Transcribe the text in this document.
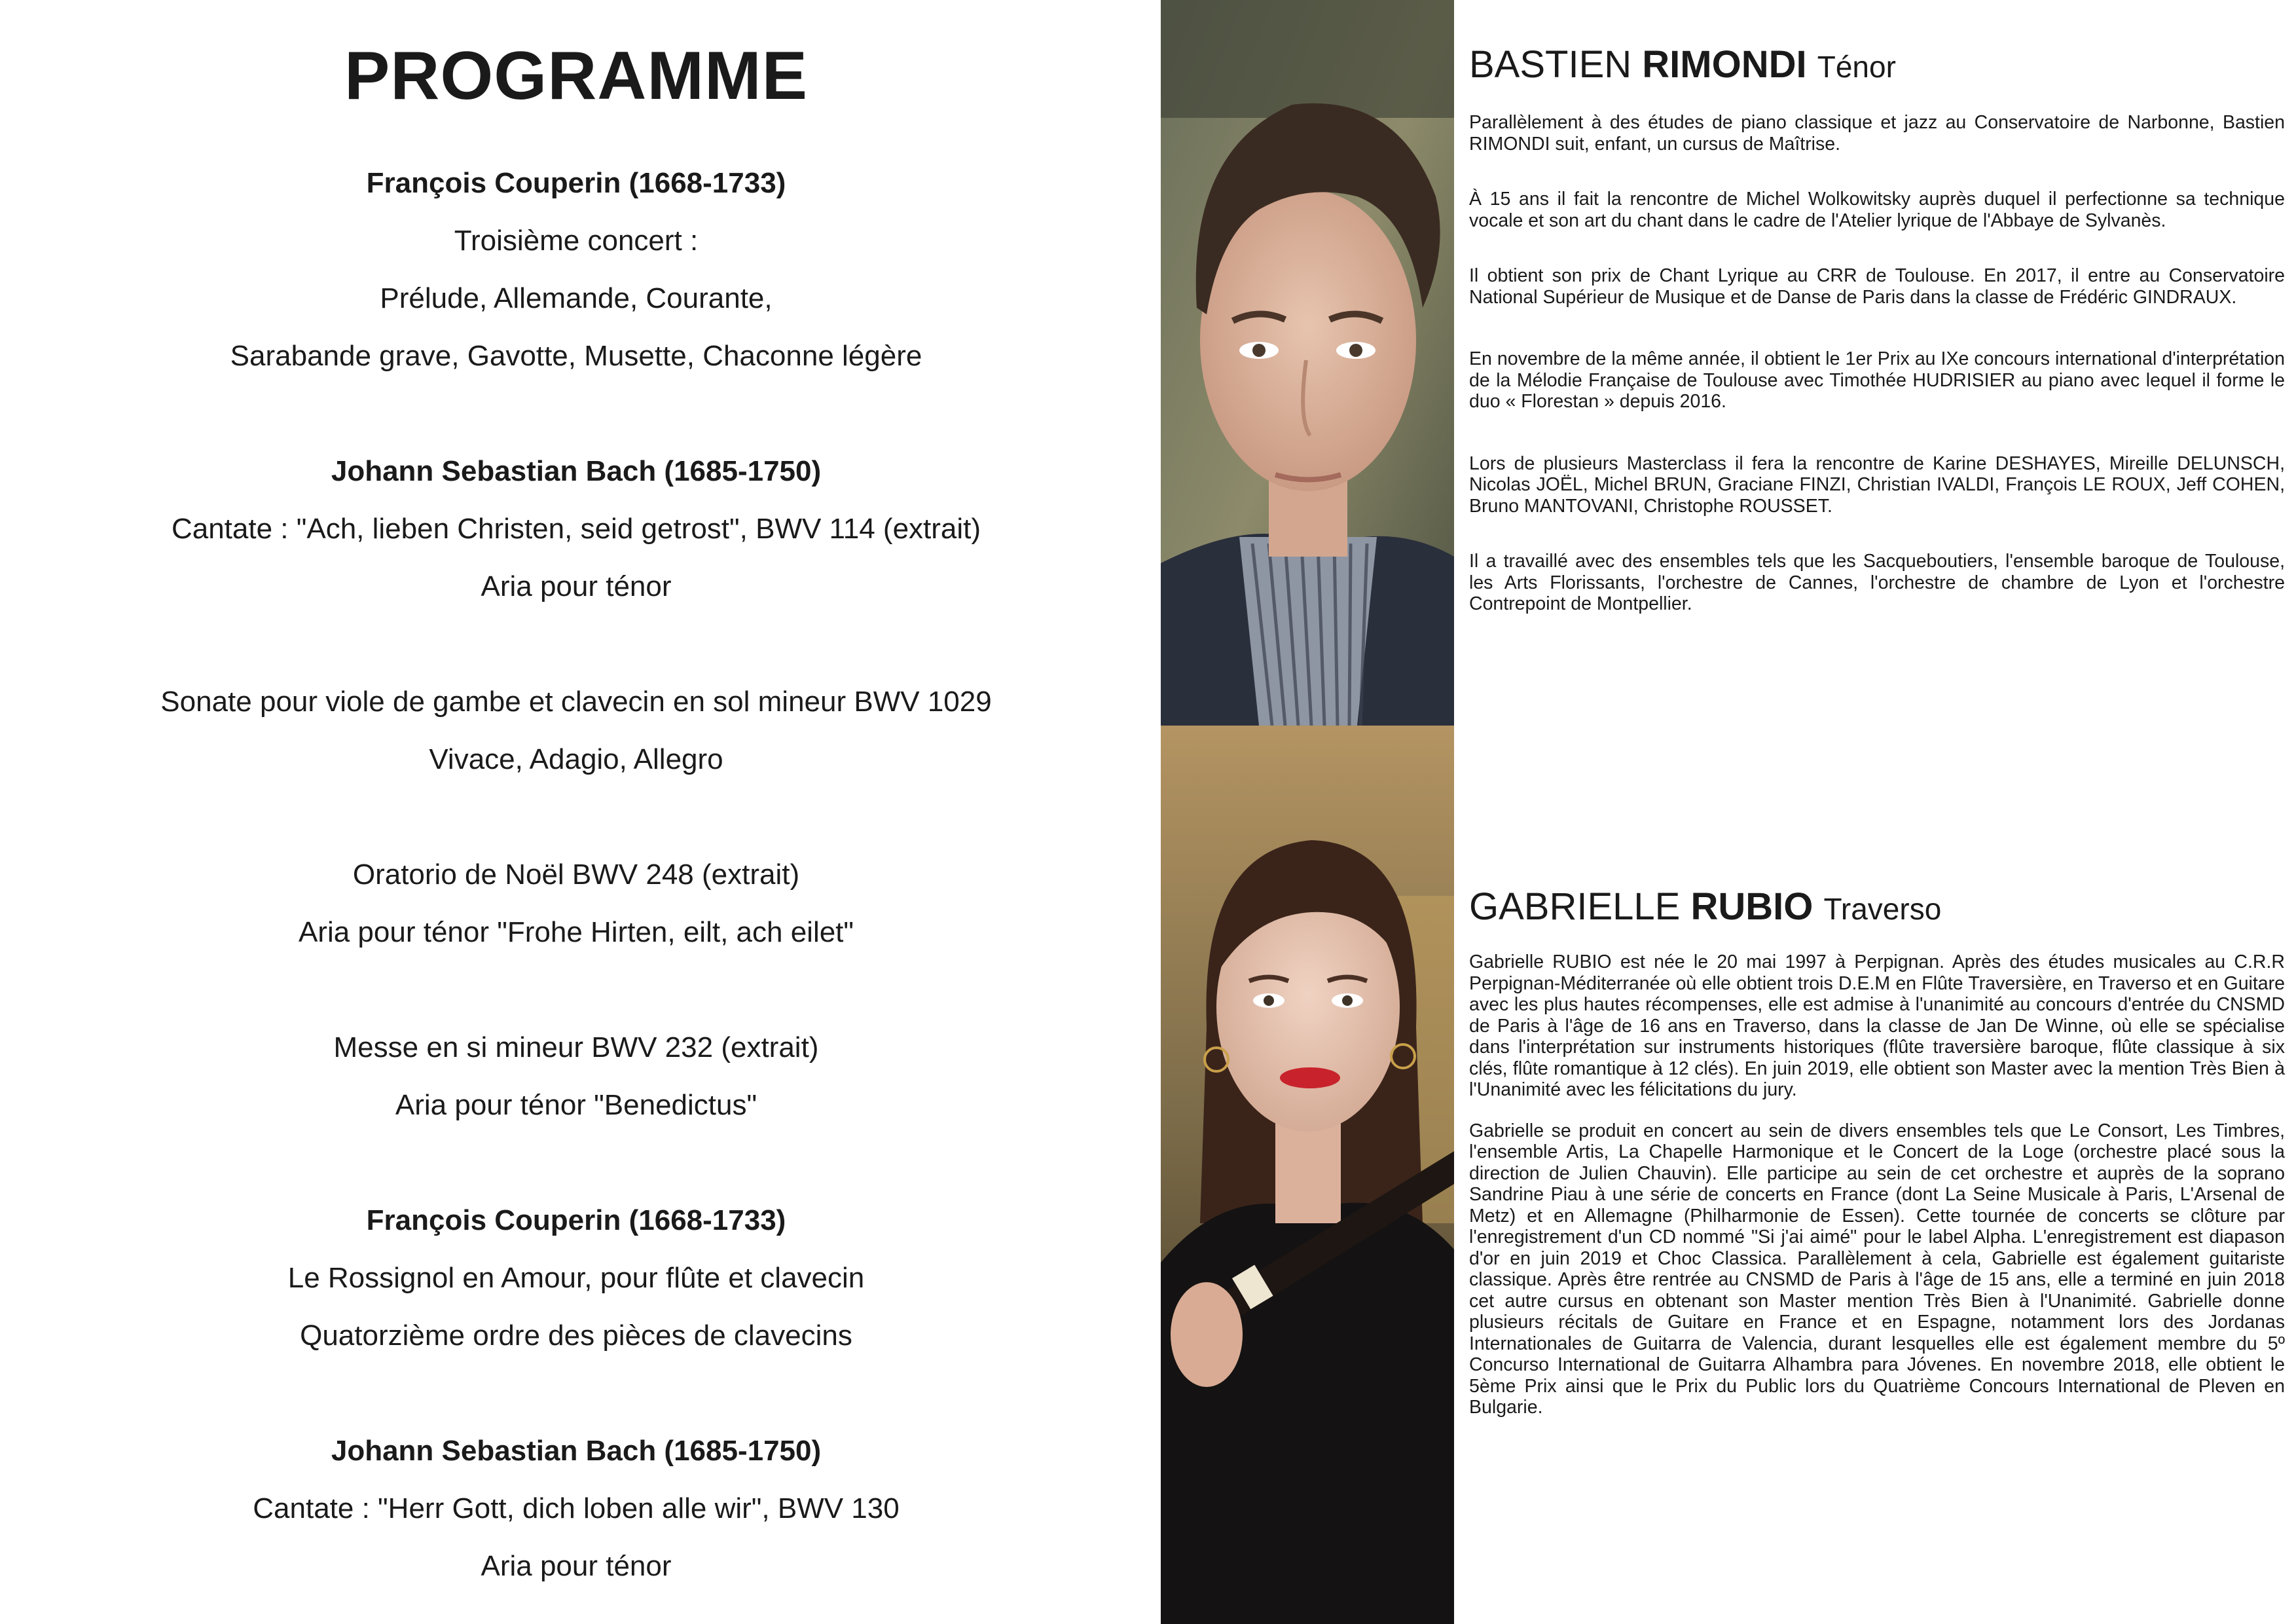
PROGRAMME
François Couperin (1668-1733)
Troisième concert :
Prélude, Allemande, Courante,
Sarabande grave, Gavotte, Musette, Chaconne légère
Johann Sebastian Bach (1685-1750)
Cantate : "Ach, lieben Christen, seid getrost", BWV 114 (extrait)
Aria pour ténor
Sonate pour viole de gambe et clavecin en sol mineur BWV 1029
Vivace, Adagio, Allegro
Oratorio de Noël BWV 248 (extrait)
Aria pour ténor "Frohe Hirten, eilt, ach eilet"
Messe en si mineur BWV 232 (extrait)
Aria pour ténor "Benedictus"
François Couperin (1668-1733)
Le Rossignol en Amour, pour flûte et clavecin
Quatorzième ordre des pièces de clavecins
Johann Sebastian Bach (1685-1750)
Cantate : "Herr Gott, dich loben alle wir", BWV 130
Aria pour ténor
BASTIEN RIMONDI Ténor

Parallèlement à des études de piano classique et jazz au Conservatoire de Narbonne, Bastien RIMONDI suit, enfant, un cursus de Maîtrise.

À 15 ans il fait la rencontre de Michel Wolkowitsky auprès duquel il perfectionne sa technique vocale et son art du chant dans le cadre de l'Atelier lyrique de l'Abbaye de Sylvanès.

Il obtient son prix de Chant Lyrique au CRR de Toulouse. En 2017, il entre au Conservatoire National Supérieur de Musique et de Danse de Paris dans la classe de Frédéric GINDRAUX.

En novembre de la même année, il obtient le 1er Prix au IXe concours international d'interprétation de la Mélodie Française de Toulouse avec Timothée HUDRISIER au piano avec lequel il forme le duo « Florestan » depuis 2016.

Lors de plusieurs Masterclass il fera la rencontre de Karine DESHAYES, Mireille DELUNSCH, Nicolas JOËL, Michel BRUN, Graciane FINZI, Christian IVALDI, François LE ROUX, Jeff COHEN, Bruno MANTOVANI, Christophe ROUSSET.

Il a travaillé avec des ensembles tels que les Sacqueboutiers, l'ensemble baroque de Toulouse, les Arts Florissants, l'orchestre de Cannes, l'orchestre de chambre de Lyon et l'orchestre Contrepoint de Montpellier.

GABRIELLE RUBIO Traverso

Gabrielle RUBIO est née le 20 mai 1997 à Perpignan. Après des études musicales au C.R.R Perpignan-Méditerranée où elle obtient trois D.E.M en Flûte Traversière, en Traverso et en Guitare avec les plus hautes récompenses, elle est admise à l'unanimité au concours d'entrée du CNSMD de Paris à l'âge de 16 ans en Traverso, dans la classe de Jan De Winne, où elle se spécialise dans l'interprétation sur instruments historiques (flûte traversière baroque, flûte classique à six clés, flûte romantique à 12 clés). En juin 2019, elle obtient son Master avec la mention Très Bien à l'Unanimité avec les félicitations du jury.

Gabrielle se produit en concert au sein de divers ensembles tels que Le Consort, Les Timbres, l'ensemble Artis, La Chapelle Harmonique et le Concert de la Loge (orchestre placé sous la direction de Julien Chauvin). Elle participe au sein de cet orchestre et auprès de la soprano Sandrine Piau à une série de concerts en France (dont La Seine Musicale à Paris, L'Arsenal de Metz) et en Allemagne (Philharmonie de Essen). Cette tournée de concerts se clôture par l'enregistrement d'un CD nommé "Si j'ai aimé" pour le label Alpha. L'enregistrement est diapason d'or en juin 2019 et Choc Classica. Parallèlement à cela, Gabrielle est également guitariste classique. Après être rentrée au CNSMD de Paris à l'âge de 15 ans, elle a terminé en juin 2018 cet autre cursus en obtenant son Master mention Très Bien à l'Unanimité. Gabrielle donne plusieurs récitals de Guitare en France et en Espagne, notamment lors des Jordanas Internationales de Guitarra de Valencia, durant lesquelles elle est également membre du 5º Concurso International de Guitarra Alhambra para Jóvenes. En novembre 2018, elle obtient le 5ème Prix ainsi que le Prix du Public lors du Quatrième Concours International de Pleven en Bulgarie.
